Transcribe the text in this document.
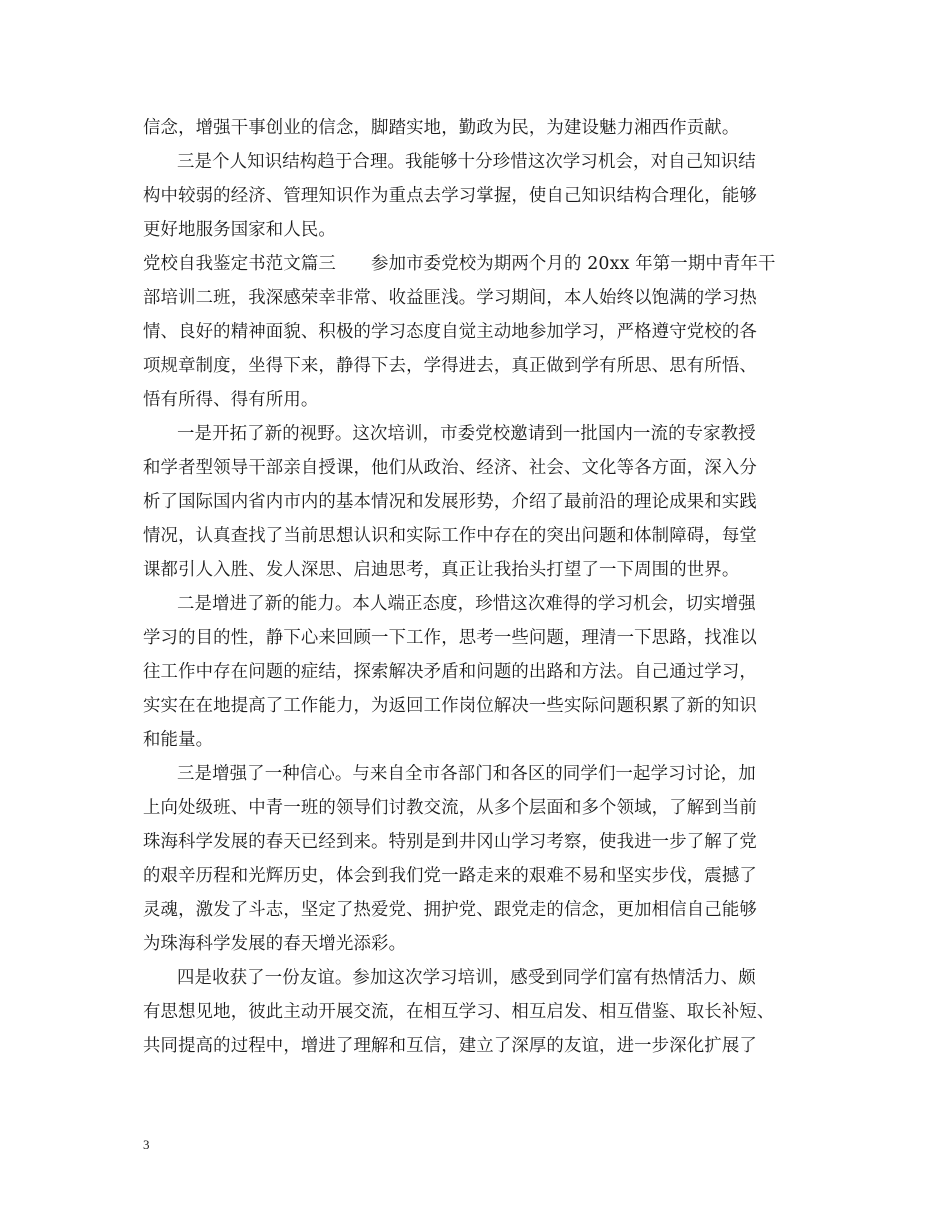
信念，增强干事创业的信念，脚踏实地，勤政为民，为建设魅力湘西作贡献。
三是个人知识结构趋于合理。我能够十分珍惜这次学习机会，对自己知识结
构中较弱的经济、管理知识作为重点去学习掌握，使自己知识结构合理化，能够
更好地服务国家和人民。
党校自我鉴定书范文篇三　　参加市委党校为期两个月的 20xx 年第一期中青年干
部培训二班，我深感荣幸非常、收益匪浅。学习期间，本人始终以饱满的学习热
情、良好的精神面貌、积极的学习态度自觉主动地参加学习，严格遵守党校的各
项规章制度，坐得下来，静得下去，学得进去，真正做到学有所思、思有所悟、
悟有所得、得有所用。
一是开拓了新的视野。这次培训，市委党校邀请到一批国内一流的专家教授
和学者型领导干部亲自授课，他们从政治、经济、社会、文化等各方面，深入分
析了国际国内省内市内的基本情况和发展形势，介绍了最前沿的理论成果和实践
情况，认真查找了当前思想认识和实际工作中存在的突出问题和体制障碍，每堂
课都引人入胜、发人深思、启迪思考，真正让我抬头打望了一下周围的世界。
二是增进了新的能力。本人端正态度，珍惜这次难得的学习机会，切实增强
学习的目的性，静下心来回顾一下工作，思考一些问题，理清一下思路，找准以
往工作中存在问题的症结，探索解决矛盾和问题的出路和方法。自己通过学习，
实实在在地提高了工作能力，为返回工作岗位解决一些实际问题积累了新的知识
和能量。
三是增强了一种信心。与来自全市各部门和各区的同学们一起学习讨论，加
上向处级班、中青一班的领导们讨教交流，从多个层面和多个领域，了解到当前
珠海科学发展的春天已经到来。特别是到井冈山学习考察，使我进一步了解了党
的艰辛历程和光辉历史，体会到我们党一路走来的艰难不易和坚实步伐，震撼了
灵魂，激发了斗志，坚定了热爱党、拥护党、跟党走的信念，更加相信自己能够
为珠海科学发展的春天增光添彩。
四是收获了一份友谊。参加这次学习培训，感受到同学们富有热情活力、颇
有思想见地，彼此主动开展交流，在相互学习、相互启发、相互借鉴、取长补短、
共同提高的过程中，增进了理解和互信，建立了深厚的友谊，进一步深化扩展了
3
